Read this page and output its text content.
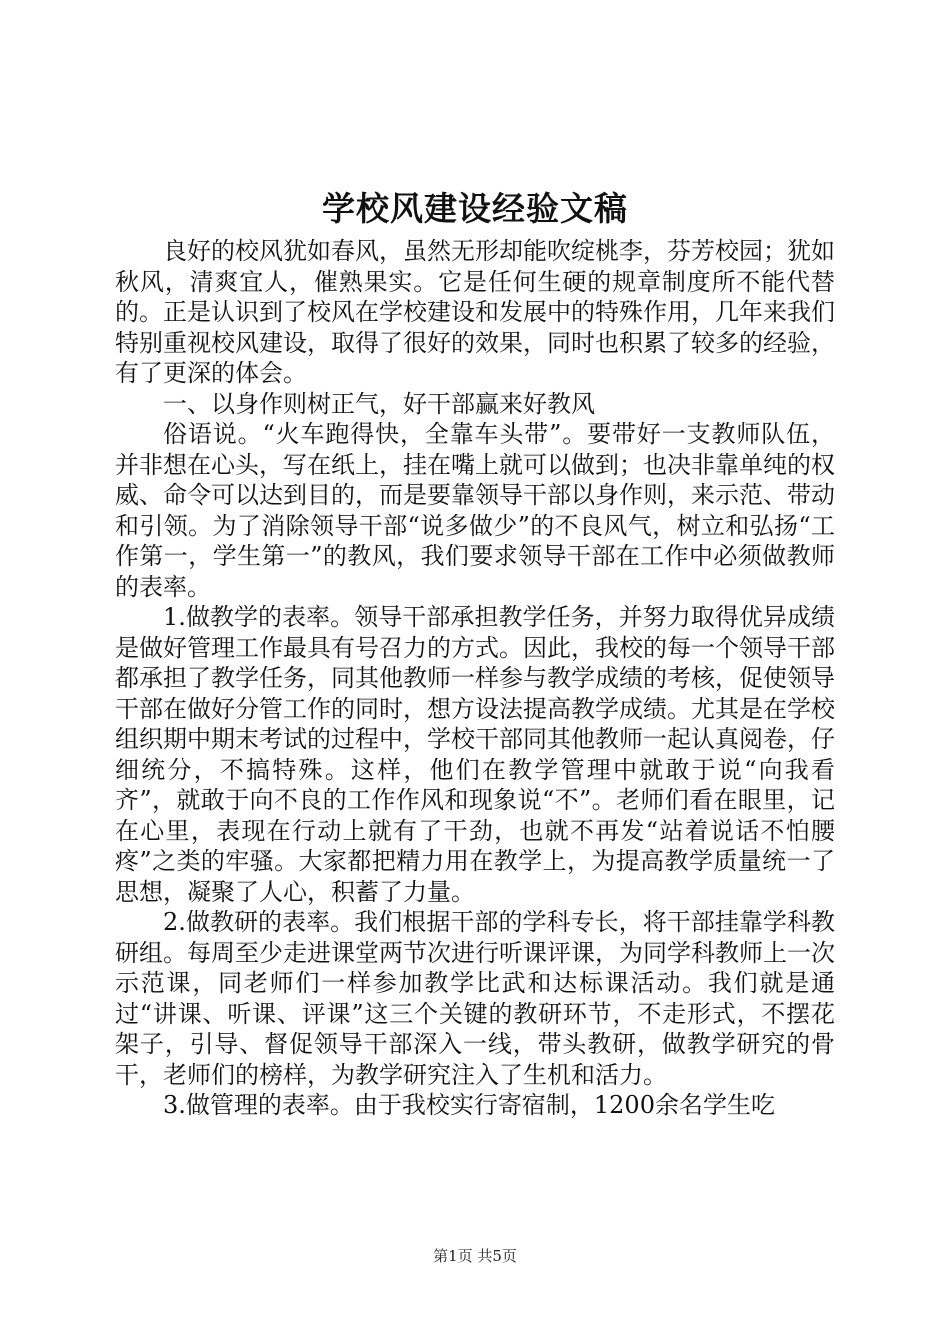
学校风建设经验文稿

良好的校风犹如春风，虽然无形却能吹绽桃李，芬芳校园；犹如秋风，清爽宜人，催熟果实。它是任何生硬的规章制度所不能代替的。正是认识到了校风在学校建设和发展中的特殊作用，几年来我们特别重视校风建设，取得了很好的效果，同时也积累了较多的经验，有了更深的体会。

一、以身作则树正气，好干部赢来好教风

俗语说。“火车跑得快，全靠车头带”。要带好一支教师队伍，并非想在心头，写在纸上，挂在嘴上就可以做到；也决非靠单纯的权威、命令可以达到目的，而是要靠领导干部以身作则，来示范、带动和引领。为了消除领导干部“说多做少”的不良风气，树立和弘扬“工作第一，学生第一”的教风，我们要求领导干部在工作中必须做教师的表率。

1.做教学的表率。领导干部承担教学任务，并努力取得优异成绩是做好管理工作最具有号召力的方式。因此，我校的每一个领导干部都承担了教学任务，同其他教师一样参与教学成绩的考核，促使领导干部在做好分管工作的同时，想方设法提高教学成绩。尤其是在学校组织期中期末考试的过程中，学校干部同其他教师一起认真阅卷，仔细统分，不搞特殊。这样，他们在教学管理中就敢于说“向我看齐”，就敢于向不良的工作作风和现象说“不”。老师们看在眼里，记在心里，表现在行动上就有了干劲，也就不再发“站着说话不怕腰疼”之类的牢骚。大家都把精力用在教学上，为提高教学质量统一了思想，凝聚了人心，积蓄了力量。

2.做教研的表率。我们根据干部的学科专长，将干部挂靠学科教研组。每周至少走进课堂两节次进行听课评课，为同学科教师上一次示范课，同老师们一样参加教学比武和达标课活动。我们就是通过“讲课、听课、评课”这三个关键的教研环节，不走形式，不摆花架子，引导、督促领导干部深入一线，带头教研，做教学研究的骨干，老师们的榜样，为教学研究注入了生机和活力。

3.做管理的表率。由于我校实行寄宿制，1200余名学生吃

第1页 共5页
